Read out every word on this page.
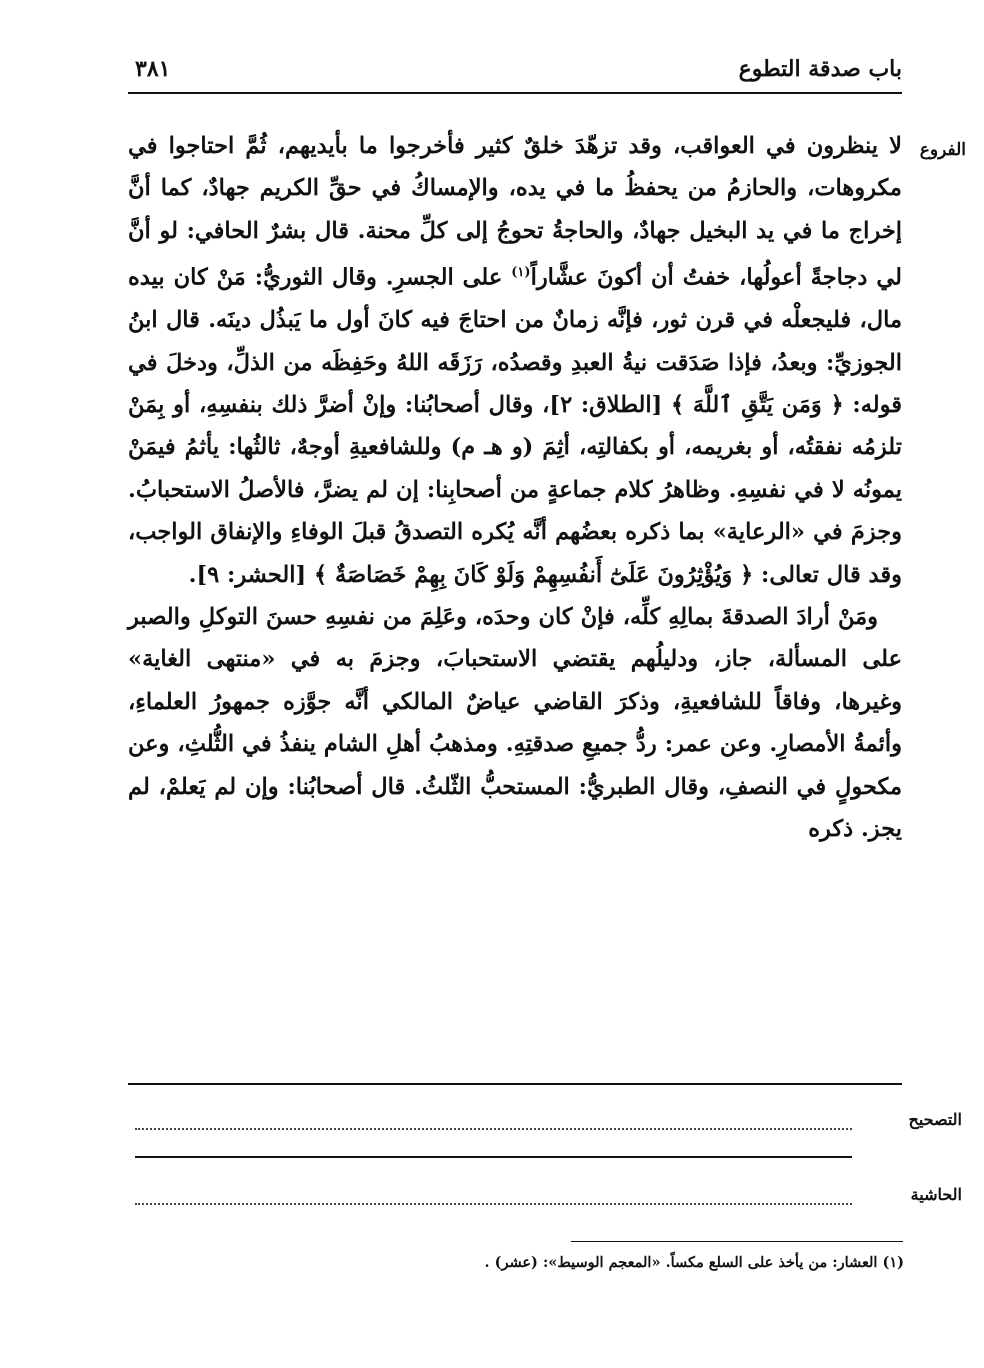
باب صدقة التطوع
٣٨١
الفروع

لا ينظرون في العواقب، وقد تزهّدَ خلقٌ كثير فأخرجوا ما بأيديهم، ثُمَّ احتاجوا في مكروهات، والحازمُ من يحفظُ ما في يده، والإمساكُ في حقِّ الكريم جهادٌ، كما أنَّ إخراج ما في يد البخيل جهادٌ، والحاجةُ تحوجُ إلى كلِّ محنة. قال بشرٌ الحافي: لو أنَّ لي دجاجةً أعولُها، خفتُ أن أكونَ عشَّاراً$^{(١)}$ على الجسرِ. وقال الثوريُّ: مَنْ كان بيده مال، فليجعلْه في قرن ثور، فإنَّه زمانٌ من احتاجَ فيه كانَ أول ما يَبذُل دينَه. قال ابنُ الجوزيِّ: وبعدُ، فإذا صَدَقت نيةُ العبدِ وقصدُه، رَزَقَه اللهُ وحَفِظَه من الذلِّ، ودخلَ في قوله: ﴿ وَمَن يَتَّقِ ٱللَّهَ ﴾ [الطلاق: ٢]، وقال أصحابُنا: وإنْ أضرَّ ذلك بنفسِهِ، أو بِمَنْ تلزمُه نفقتُه، أو بغريمه، أو بكفالتِه، أثِمَ (و هـ م) وللشافعيةِ أوجهٌ، ثالثُها: يأثمُ فيمَنْ يمونُه لا في نفسِهِ. وظاهرُ كلام جماعةٍ من أصحابِنا: إن لم يضرَّ، فالأصلُ الاستحبابُ. وجزمَ في «الرعاية» بما ذكره بعضُهم أنَّه يُكره التصدقُ قبلَ الوفاءِ والإنفاق الواجب، وقد قال تعالى: ﴿ وَيُؤْثِرُونَ عَلَىٰٓ أَنفُسِهِمْ وَلَوْ كَانَ بِهِمْ خَصَاصَةٌ ﴾ [الحشر: ٩].

ومَنْ أرادَ الصدقةَ بمالِهِ كلِّه، فإنْ كان وحدَه، وعَلِمَ من نفسِهِ حسنَ التوكلِ والصبر على المسألة، جاز، ودليلُهم يقتضي الاستحبابَ، وجزمَ به في «منتهى الغاية» وغيرها، وفاقاً للشافعيةِ، وذكرَ القاضي عياضٌ المالكي أنَّه جوَّزه جمهورُ العلماءِ، وأئمةُ الأمصارِ. وعن عمر: ردُّ جميعِ صدقتِهِ. ومذهبُ أهلِ الشام ينفذُ في الثُّلثِ، وعن مكحولٍ في النصفِ، وقال الطبريُّ: المستحبُّ الثّلثُ. قال أصحابُنا: وإن لم يَعلمْ، لم يجز. ذكره

التصحيح
الحاشية
(١) العشار: من يأخذ على السلع مكساً. «المعجم الوسيط»: (عشر) .
